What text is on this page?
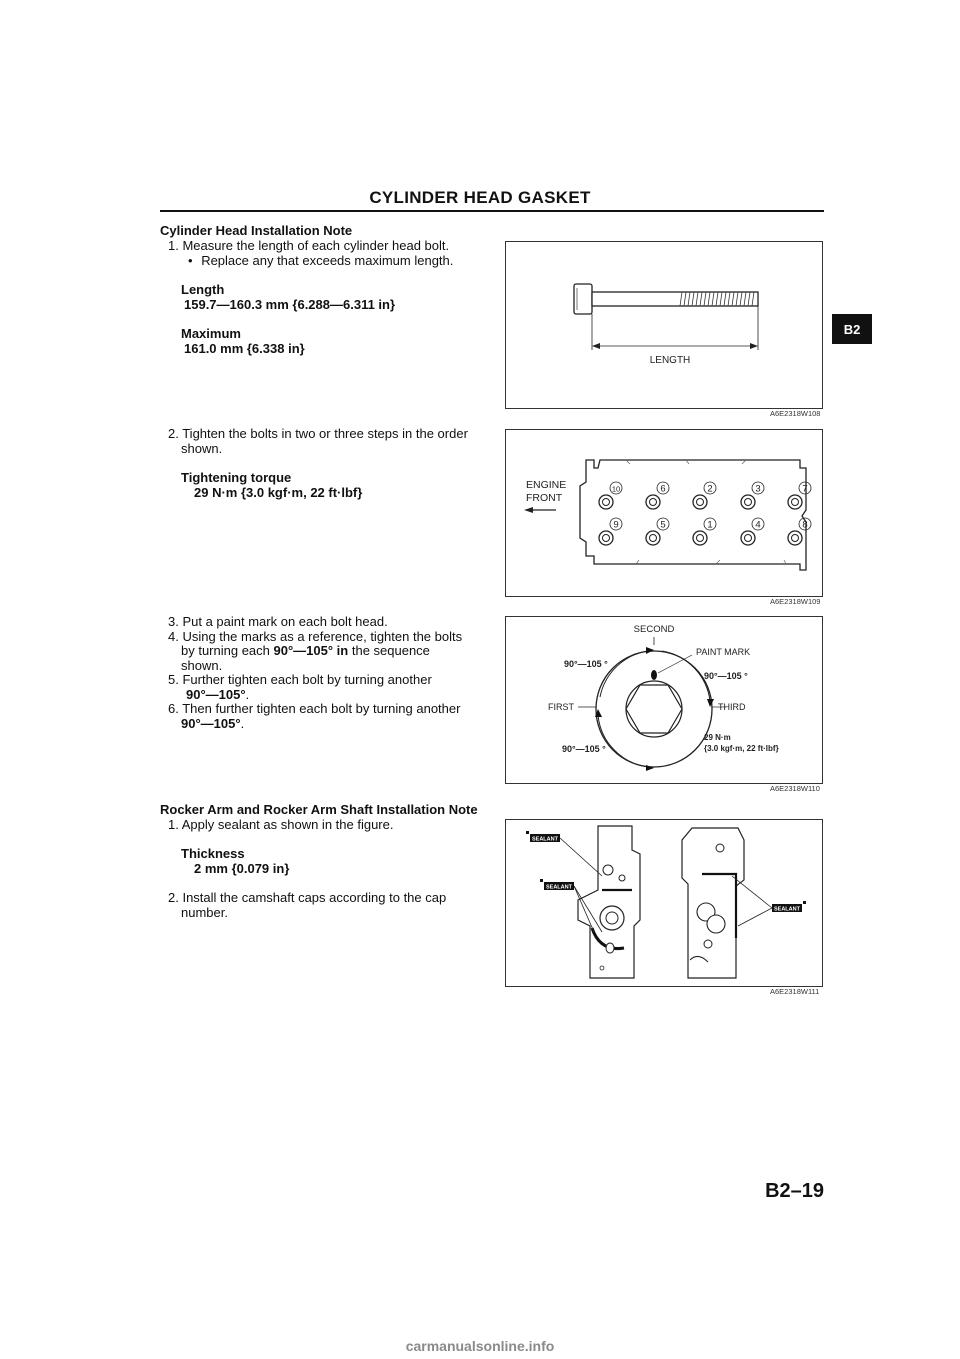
CYLINDER HEAD GASKET
B2
Cylinder Head Installation Note
1. Measure the length of each cylinder head bolt.
• Replace any that exceeds maximum length.
Length
159.7—160.3 mm {6.288—6.311 in}
Maximum
161.0 mm {6.338 in}
2. Tighten the bolts in two or three steps in the order
shown.
Tightening torque
29 N·m {3.0 kgf·m, 22 ft·lbf}
3. Put a paint mark on each bolt head.
4. Using the marks as a reference, tighten the bolts
by turning each 90°—105° in the sequence
shown.
5. Further tighten each bolt by turning another
90°—105°.
6. Then further tighten each bolt by turning another
90°—105°.
Rocker Arm and Rocker Arm Shaft Installation Note
1. Apply sealant as shown in the figure.
Thickness
2 mm {0.079 in}
2. Install the camshaft caps according to the cap
number.
LENGTH
A6E2318W108
ENGINE
FRONT
10	6	2	3	7
9	5	1	4	8
A6E2318W109
SECOND
PAINT MARK
90°—105 °
90°—105 °
FIRST	THIRD
90°—105 °
29 N·m
{3.0 kgf·m, 22 ft·lbf}
A6E2318W110
SEALANT
SEALANT
SEALANT
A6E2318W111
B2–19
carmanualsonline.info
